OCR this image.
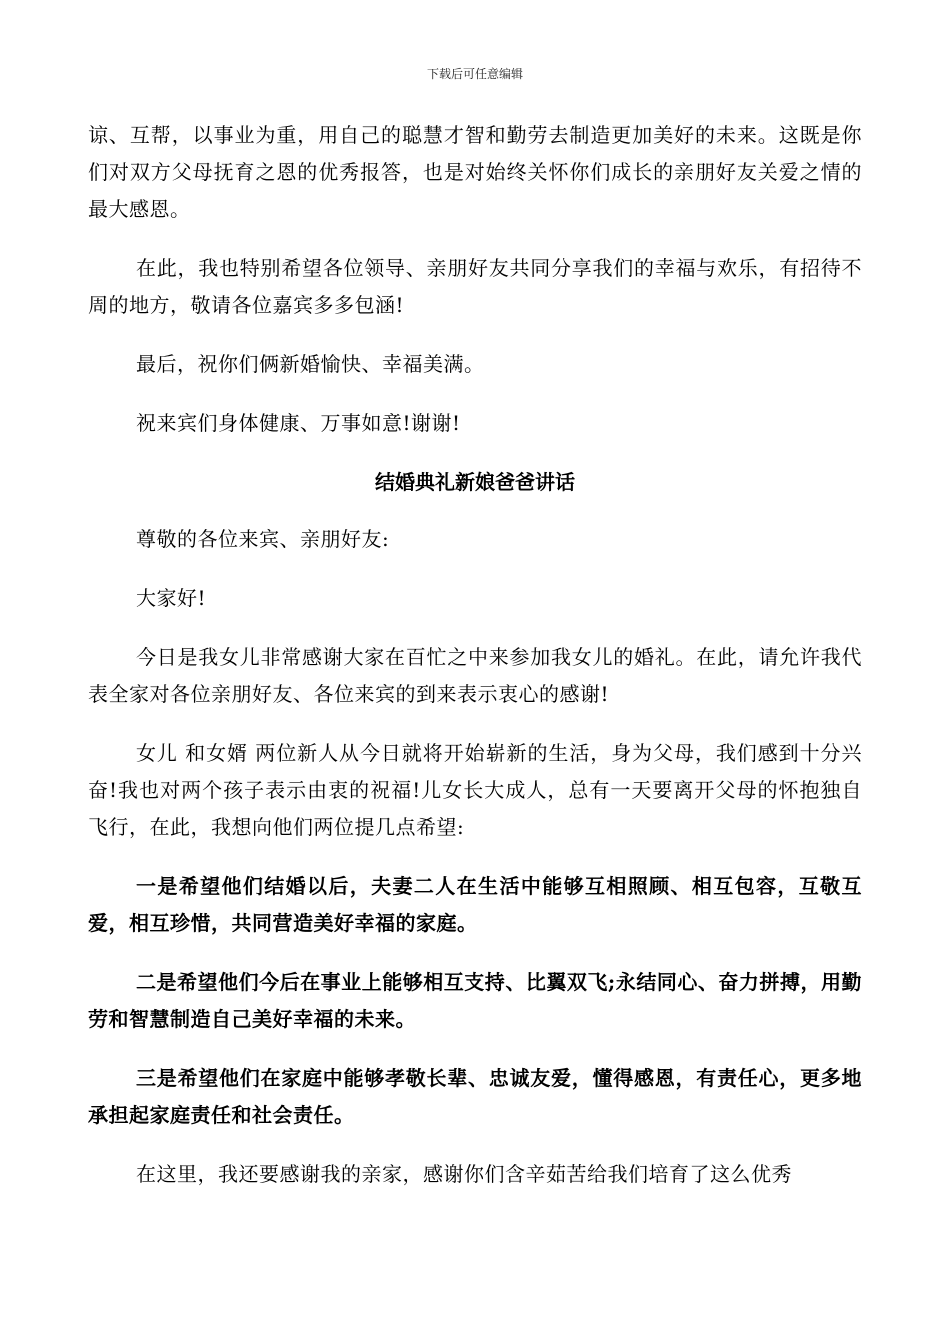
下载后可任意编辑

谅、互帮，以事业为重，用自己的聪慧才智和勤劳去制造更加美好的未来。这既是你们对双方父母抚育之恩的优秀报答，也是对始终关怀你们成长的亲朋好友关爱之情的最大感恩。

在此，我也特别希望各位领导、亲朋好友共同分享我们的幸福与欢乐，有招待不周的地方，敬请各位嘉宾多多包涵!

最后，祝你们俩新婚愉快、幸福美满。

祝来宾们身体健康、万事如意!谢谢!

结婚典礼新娘爸爸讲话

尊敬的各位来宾、亲朋好友:

大家好!

今日是我女儿非常感谢大家在百忙之中来参加我女儿的婚礼。在此，请允许我代表全家对各位亲朋好友、各位来宾的到来表示衷心的感谢!

女儿 和女婿 两位新人从今日就将开始崭新的生活，身为父母，我们感到十分兴奋!我也对两个孩子表示由衷的祝福!儿女长大成人，总有一天要离开父母的怀抱独自飞行，在此，我想向他们两位提几点希望:

一是希望他们结婚以后，夫妻二人在生活中能够互相照顾、相互包容，互敬互爱，相互珍惜，共同营造美好幸福的家庭。

二是希望他们今后在事业上能够相互支持、比翼双飞;永结同心、奋力拼搏，用勤劳和智慧制造自己美好幸福的未来。

三是希望他们在家庭中能够孝敬长辈、忠诚友爱，懂得感恩，有责任心，更多地承担起家庭责任和社会责任。

在这里，我还要感谢我的亲家，感谢你们含辛茹苦给我们培育了这么优秀
